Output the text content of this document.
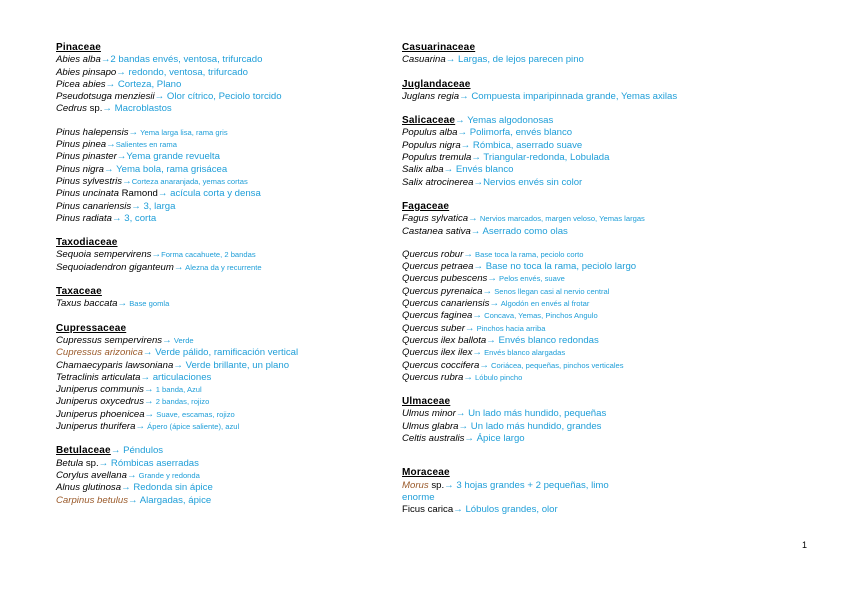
Pinaceae
Abies alba→2 bandas envés, ventosa, trifurcado
Abies pinsapo→ redondo, ventosa, trifurcado
Picea abies→ Corteza, Plano
Pseudotsuga menziesii→ Olor cítrico, Peciolo torcido
Cedrus sp.→ Macroblastos
Pinus halepensis→ Yema larga lisa, rama gris
Pinus pinea→Salientes en rama
Pinus pinaster→Yema grande revuelta
Pinus nigra→ Yema bola, rama grisácea
Pinus sylvestris→Corteza anaranjada, yemas cortas
Pinus uncinata Ramond→ acícula corta y densa
Pinus canariensis→ 3, larga
Pinus radiata→ 3, corta
Taxodiaceae
Sequoia sempervirens→Forma cacahuete, 2 bandas
Sequoiadendron giganteum→ Alezna da y recurrente
Taxaceae
Taxus baccata→ Base gomla
Cupressaceae
Cupressus sempervirens→ Verde
Cupressus arizonica→ Verde pálido, ramificación vertical
Chamaecyparis lawsoniana→ Verde brillante, un plano
Tetraclinis articulata→ articulaciones
Juniperus communis→ 1 banda, Azul
Juniperus oxycedrus→ 2 bandas, rojizo
Juniperus phoenicea→ Suave, escamas, rojizo
Juniperus thurifera→ Ápero (ápice saliente), azul
Betulaceae→ Péndulos
Betula sp.→ Rómbicas aserradas
Corylus avellana→ Grande y redonda
Alnus glutinosa→ Redonda sin ápice
Carpinus betulus→ Alargadas, ápice
Casuarinaceae
Casuarina→ Largas, de lejos parecen pino
Juglandaceae
Juglans regia→ Compuesta imparipinnada grande, Yemas axilas
Salicaceae→ Yemas algodonosas
Populus alba→ Polimorfa, envés blanco
Populus nigra→ Rómbica, aserrado suave
Populus tremula→ Triangular-redonda, Lobulada
Salix alba→ Envés blanco
Salix atrocinerea→Nervios envés sin color
Fagaceae
Fagus sylvatica→ Nervios marcados, margen veloso, Yemas largas
Castanea sativa→ Aserrado como olas
Quercus robur→ Base toca la rama, peciolo corto
Quercus petraea→ Base no toca la rama, peciolo largo
Quercus pubescens→ Pelos envés, suave
Quercus pyrenaica→ Senos llegan casi al nervio central
Quercus canariensis→ Algodón en envés al frotar
Quercus faginea→ Concava, Yemas, Pinchos Angulo
Quercus suber→ Pinchos hacia arriba
Quercus ilex ballota→ Envés blanco redondas
Quercus ilex ilex→ Envés blanco alargadas
Quercus coccifera→ Coriácea, pequeñas, pinchos verticales
Quercus rubra→ Lóbulo pincho
Ulmaceae
Ulmus minor→ Un lado más hundido, pequeñas
Ulmus glabra→ Un lado más hundido, grandes
Celtis australis→ Ápice largo
Moraceae
Morus sp.→ 3 hojas grandes + 2 pequeñas, limo
enorme
Ficus carica→ Lóbulos grandes, olor
1
